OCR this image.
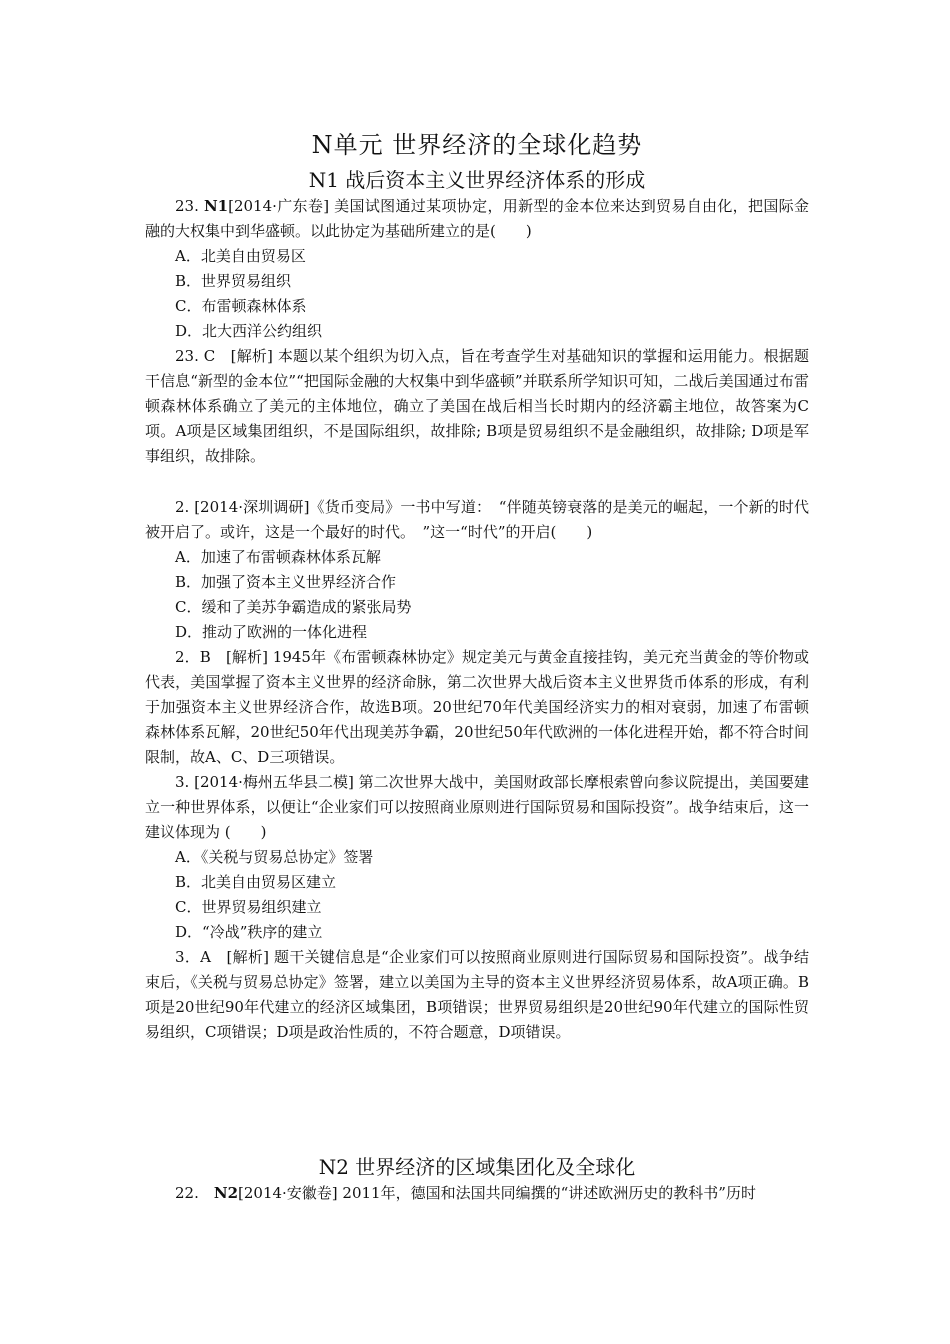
N单元 世界经济的全球化趋势
N1 战后资本主义世界经济体系的形成

23. N1[2014·广东卷] 美国试图通过某项协定，用新型的金本位来达到贸易自由化，把国际金融的大权集中到华盛顿。以此协定为基础所建立的是(　　)

A．北美自由贸易区

B．世界贸易组织

C．布雷顿森林体系

D．北大西洋公约组织

23. C　[解析] 本题以某个组织为切入点，旨在考查学生对基础知识的掌握和运用能力。根据题干信息“新型的金本位”“把国际金融的大权集中到华盛顿”并联系所学知识可知，二战后美国通过布雷顿森林体系确立了美元的主体地位，确立了美国在战后相当长时期内的经济霸主地位，故答案为C项。A项是区域集团组织，不是国际组织，故排除; B项是贸易组织不是金融组织，故排除; D项是军事组织，故排除。

2. [2014·深圳调研]《货币变局》一书中写道：　“伴随英镑衰落的是美元的崛起，一个新的时代被开启了。或许，这是一个最好的时代。　”这一“时代”的开启(　　)

A．加速了布雷顿森林体系瓦解

B．加强了资本主义世界经济合作

C．缓和了美苏争霸造成的紧张局势

D．推动了欧洲的一体化进程

2．B　[解析] 1945年《布雷顿森林协定》规定美元与黄金直接挂钩，美元充当黄金的等价物或代表，美国掌握了资本主义世界的经济命脉，第二次世界大战后资本主义世界货币体系的形成，有利于加强资本主义世界经济合作，故选B项。20世纪70年代美国经济实力的相对衰弱，加速了布雷顿森林体系瓦解，20世纪50年代出现美苏争霸，20世纪50年代欧洲的一体化进程开始，都不符合时间限制，故A、C、D三项错误。

3. [2014·梅州五华县二模] 第二次世界大战中，美国财政部长摩根索曾向参议院提出，美国要建立一种世界体系，以便让“企业家们可以按照商业原则进行国际贸易和国际投资”。战争结束后，这一建议体现为 (　　)

A．《关税与贸易总协定》签署

B．北美自由贸易区建立

C．世界贸易组织建立

D．“冷战”秩序的建立

3．A　[解析] 题干关键信息是“企业家们可以按照商业原则进行国际贸易和国际投资”。战争结束后，《关税与贸易总协定》签署，建立以美国为主导的资本主义世界经济贸易体系，故A项正确。B项是20世纪90年代建立的经济区域集团，B项错误；世界贸易组织是20世纪90年代建立的国际性贸易组织，C项错误；D项是政治性质的，不符合题意，D项错误。

N2 世界经济的区域集团化及全球化

22.　N2[2014·安徽卷] 2011年，德国和法国共同编撰的“讲述欧洲历史的教科书”历时
